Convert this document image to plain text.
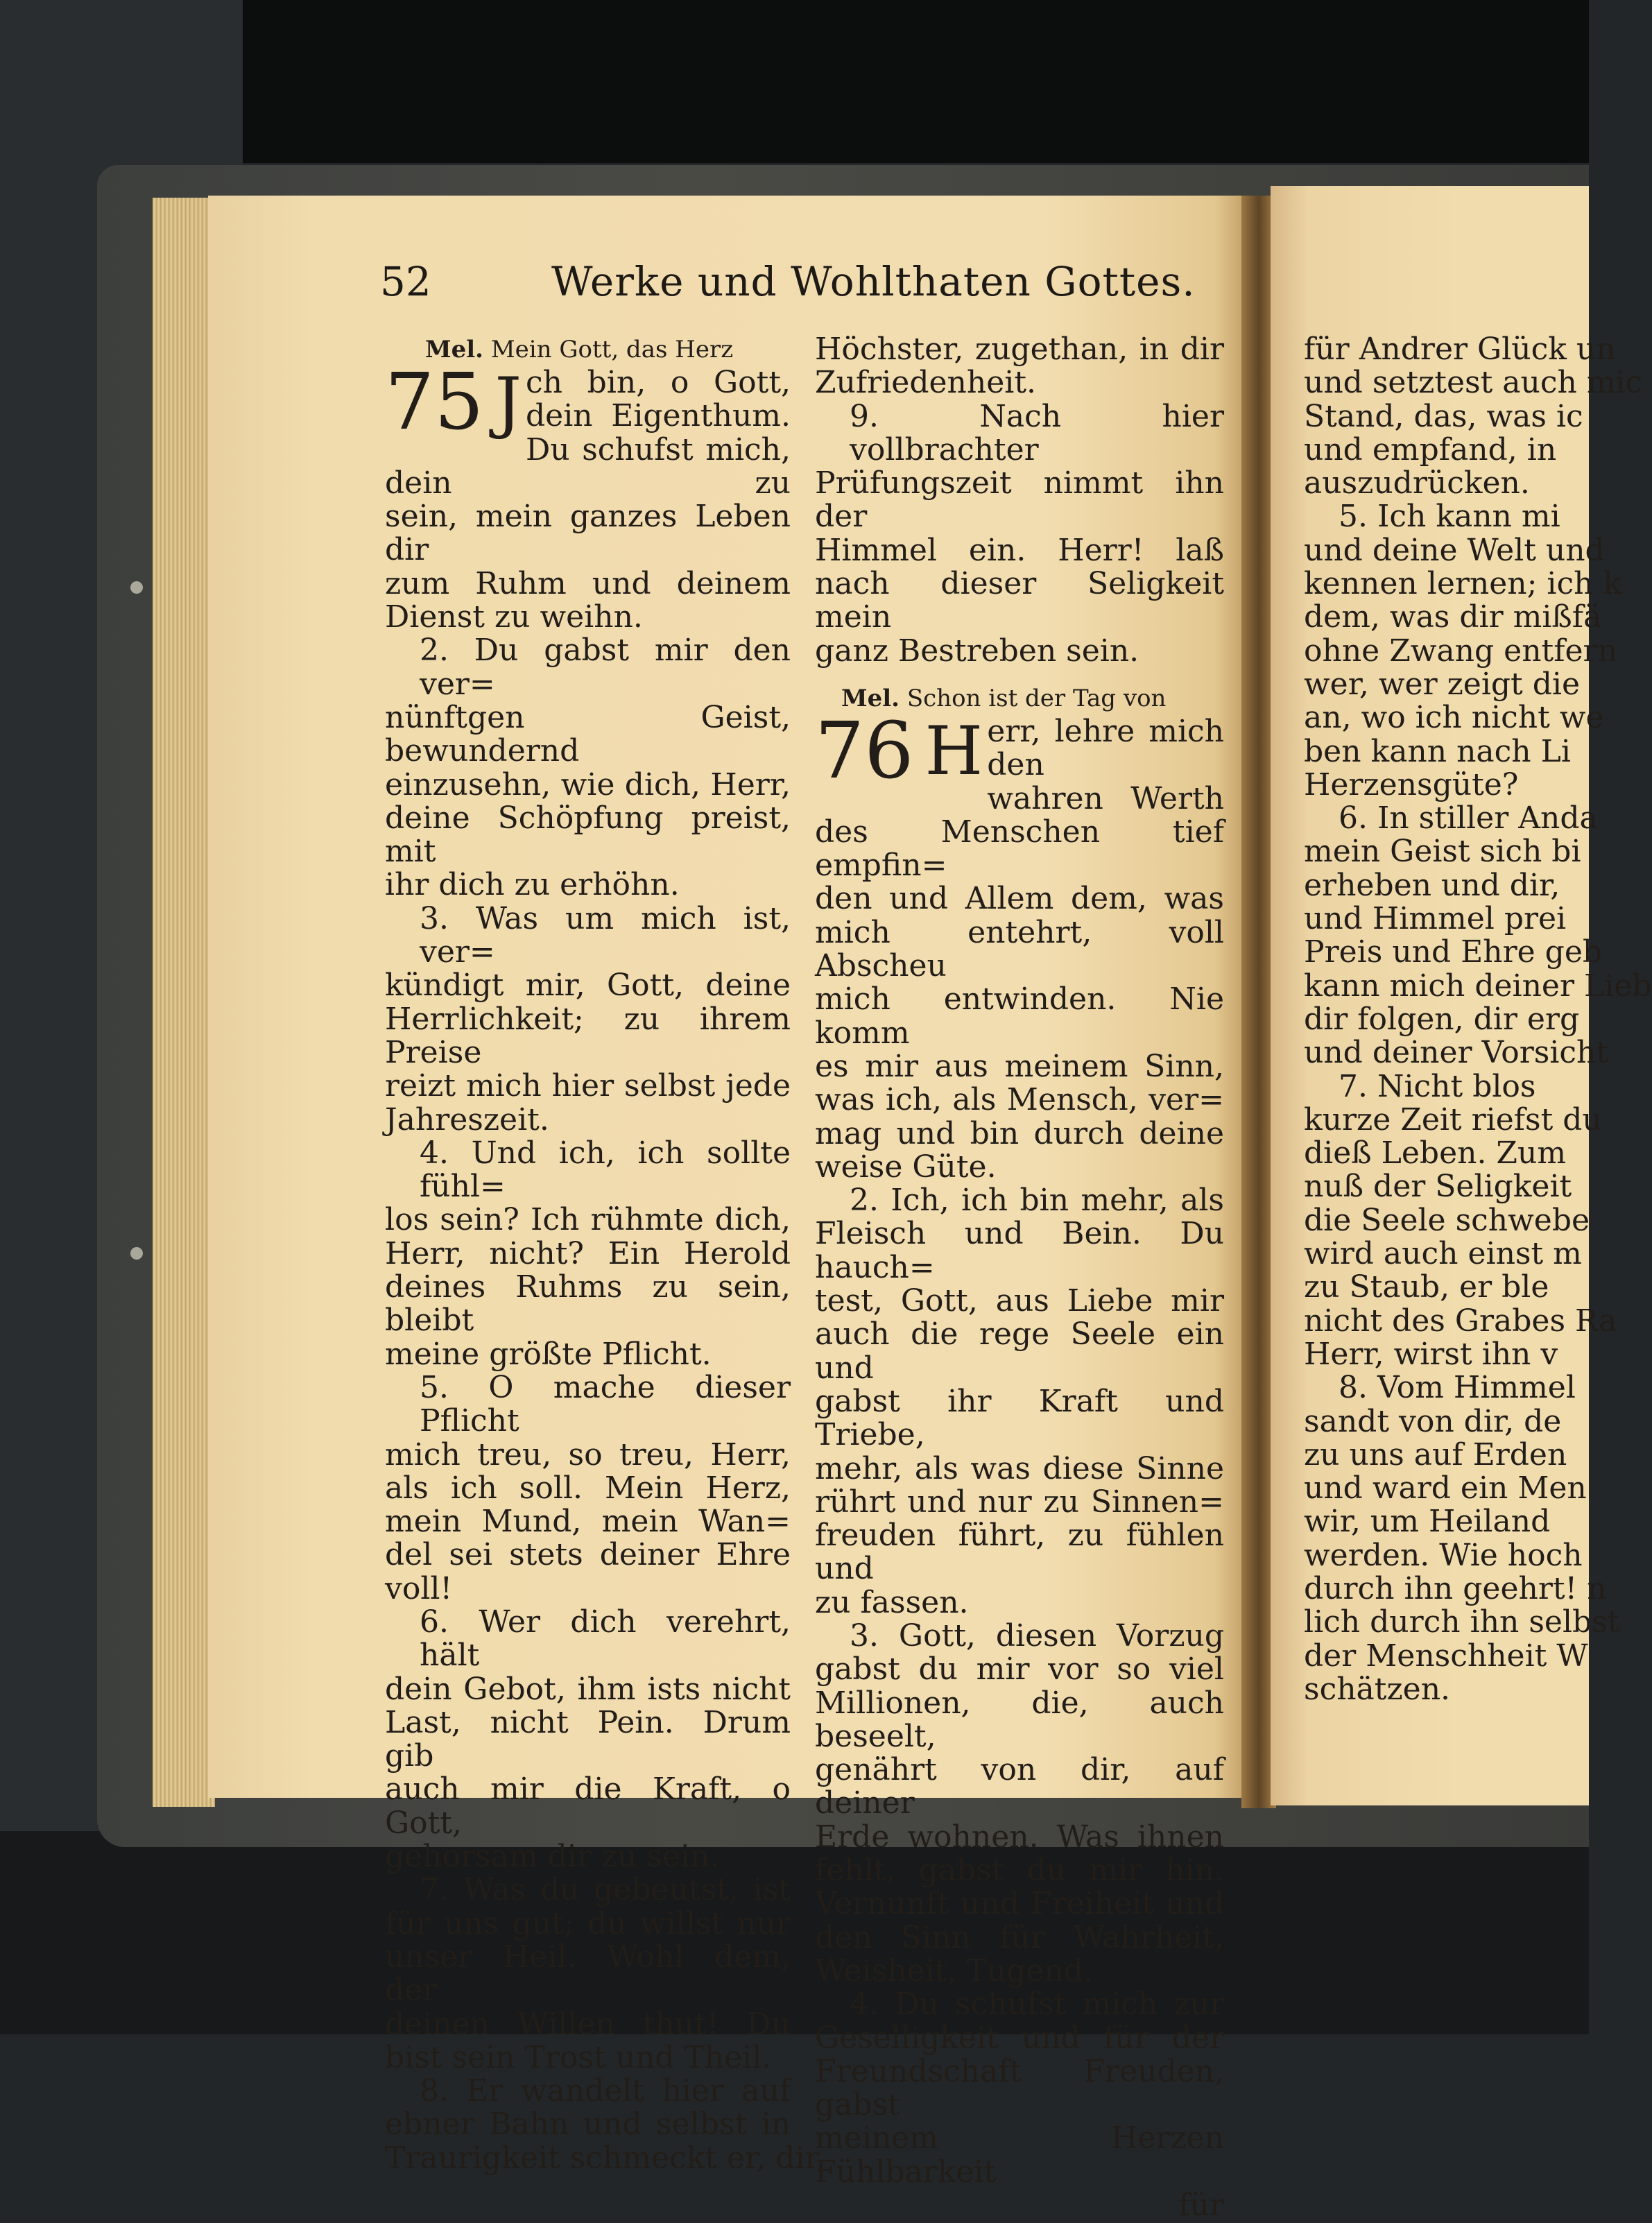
52	Werke und Wohlthaten Gottes.

Mel. Mein Gott, das Herz

75 J ch bin, o Gott,

dein Eigenthum.

Du schufst mich, dein zu

sein, mein ganzes Leben dir

zum Ruhm und deinem

Dienst zu weihn.

2. Du gabst mir den ver=

nünftgen Geist, bewundernd

einzusehn, wie dich, Herr,

deine Schöpfung preist, mit

ihr dich zu erhöhn.

3. Was um mich ist, ver=

kündigt mir, Gott, deine

Herrlichkeit; zu ihrem Preise

reizt mich hier selbst jede

Jahreszeit.

4. Und ich, ich sollte fühl=

los sein? Ich rühmte dich,

Herr, nicht? Ein Herold

deines Ruhms zu sein, bleibt

meine größte Pflicht.

5. O mache dieser Pflicht

mich treu, so treu, Herr,

als ich soll. Mein Herz,

mein Mund, mein Wan=

del sei stets deiner Ehre

voll!

6. Wer dich verehrt, hält

dein Gebot, ihm ists nicht

Last, nicht Pein. Drum gib

auch mir die Kraft, o Gott,

gehorsam dir zu sein.

7. Was du gebeutst, ist

für uns gut; du willst nur

unser Heil. Wohl dem, der

deinen Willen thut! Du

bist sein Trost und Theil.

8. Er wandelt hier auf

ebner Bahn und selbst in

Traurigkeit schmeckt er, dir,

Höchster, zugethan, in dir

Zufriedenheit.

9. Nach hier vollbrachter

Prüfungszeit nimmt ihn der

Himmel ein. Herr! laß

nach dieser Seligkeit mein

ganz Bestreben sein.

Mel. Schon ist der Tag von

76 H err, lehre mich den

wahren Werth

des Menschen tief empfin=

den und Allem dem, was

mich entehrt, voll Abscheu

mich entwinden. Nie komm

es mir aus meinem Sinn,

was ich, als Mensch, ver=

mag und bin durch deine

weise Güte.

2. Ich, ich bin mehr, als

Fleisch und Bein. Du hauch=

test, Gott, aus Liebe mir

auch die rege Seele ein und

gabst ihr Kraft und Triebe,

mehr, als was diese Sinne

rührt und nur zu Sinnen=

freuden führt, zu fühlen und

zu fassen.

3. Gott, diesen Vorzug

gabst du mir vor so viel

Millionen, die, auch beseelt,

genährt von dir, auf deiner

Erde wohnen. Was ihnen

fehlt, gabst du mir hin.

Vernunft und Freiheit und

den Sinn für Wahrheit,

Weisheit, Tugend.

4. Du schufst mich zur

Geselligkeit und für der

Freundschaft Freuden, gabst

meinem Herzen Fühlbarkeit

für

für Andrer Glück un

und setztest auch mic

Stand, das, was ic

und empfand, in

auszudrücken.

5. Ich kann mi

und deine Welt und

kennen lernen; ich k

dem, was dir mißfä

ohne Zwang entfern

wer, wer zeigt die

an, wo ich nicht we

ben kann nach Li

Herzensgüte?

6. In stiller Anda

mein Geist sich bi

erheben und dir,

und Himmel prei

Preis und Ehre geb

kann mich deiner Lieb

dir folgen, dir erg

und deiner Vorsicht

7. Nicht blos

kurze Zeit riefst du

dieß Leben. Zum

nuß der Seligkeit

die Seele schwebe

wird auch einst m

zu Staub, er ble

nicht des Grabes Ra

Herr, wirst ihn v

8. Vom Himmel

sandt von dir, de

zu uns auf Erden

und ward ein Men

wir, um Heiland

werden. Wie hoch

durch ihn geehrt! n

lich durch ihn selbst

der Menschheit W

schätzen.
